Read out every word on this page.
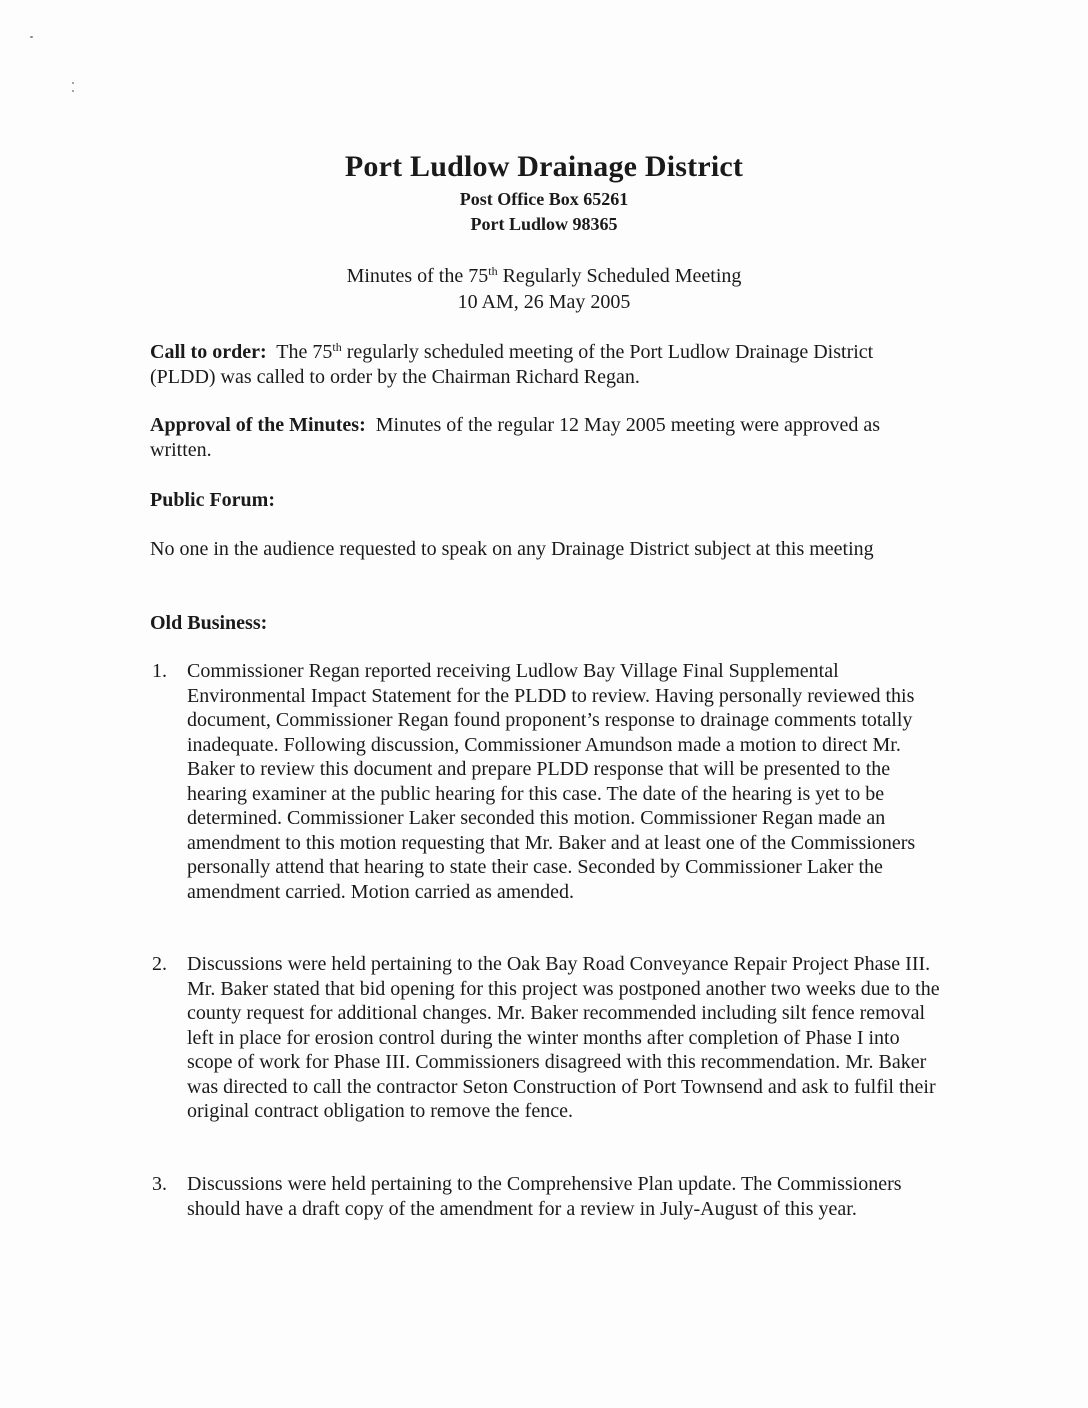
Port Ludlow Drainage District
Post Office Box 65261
Port Ludlow 98365
Minutes of the 75th Regularly Scheduled Meeting
10 AM, 26 May 2005
Call to order:  The 75th regularly scheduled meeting of the Port Ludlow Drainage District (PLDD) was called to order by the Chairman Richard Regan.
Approval of the Minutes:  Minutes of the regular 12 May 2005 meeting were approved as written.
Public Forum:
No one in the audience requested to speak on any Drainage District subject at this meeting
Old Business:
1. Commissioner Regan reported receiving Ludlow Bay Village Final Supplemental Environmental Impact Statement for the PLDD to review. Having personally reviewed this document, Commissioner Regan found proponent’s response to drainage comments totally inadequate. Following discussion, Commissioner Amundson made a motion to direct Mr. Baker to review this document and prepare PLDD response that will be presented to the hearing examiner at the public hearing for this case. The date of the hearing is yet to be determined. Commissioner Laker seconded this motion. Commissioner Regan made an amendment to this motion requesting that Mr. Baker and at least one of the Commissioners personally attend that hearing to state their case. Seconded by Commissioner Laker the amendment carried. Motion carried as amended.
2. Discussions were held pertaining to the Oak Bay Road Conveyance Repair Project Phase III. Mr. Baker stated that bid opening for this project was postponed another two weeks due to the county request for additional changes. Mr. Baker recommended including silt fence removal left in place for erosion control during the winter months after completion of Phase I into scope of work for Phase III. Commissioners disagreed with this recommendation. Mr. Baker was directed to call the contractor Seton Construction of Port Townsend and ask to fulfil their original contract obligation to remove the fence.
3. Discussions were held pertaining to the Comprehensive Plan update. The Commissioners should have a draft copy of the amendment for a review in July-August of this year.
